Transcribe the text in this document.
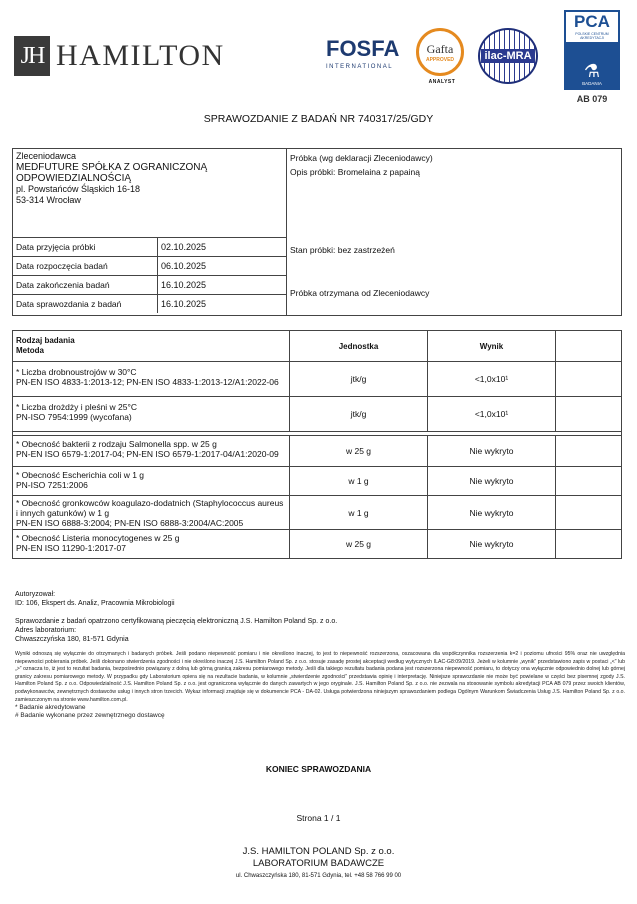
JH HAMILTON	FOSFA
INTERNATIONAL
Gafta
APPROVED
ANALYST
ilac-MRA
PCA
POLSKIE CENTRUM AKREDYTACJI
⚗
BADANIA
AB 079
SPRAWOZDANIE Z BADAŃ NR 740317/25/GDY
Zleceniodawca
MEDFUTURE SPÓŁKA Z OGRANICZONĄ
ODPOWIEDZIALNOŚCIĄ
pl. Powstańców Śląskich 16-18
53-314 Wrocław
Data przyjęcia próbki	02.10.2025
Data rozpoczęcia badań	06.10.2025
Data zakończenia badań	16.10.2025
Data sprawozdania z badań	16.10.2025
Próbka (wg deklaracji Zleceniodawcy)
Opis próbki: Bromelaina z papainą
Stan próbki: bez zastrzeżeń
Próbka otrzymana od Zleceniodawcy
Rodzaj badania
Metoda	Jednostka	Wynik
* Liczba drobnoustrojów w 30°C
PN-EN ISO 4833-1:2013-12; PN-EN ISO 4833-1:2013-12/A1:2022-06	jtk/g	<1,0x10¹
* Liczba drożdży i pleśni w 25°C
PN-ISO 7954:1999 (wycofana)	jtk/g	<1,0x10¹
* Obecność bakterii z rodzaju Salmonella spp. w 25 g
PN-EN ISO 6579-1:2017-04; PN-EN ISO 6579-1:2017-04/A1:2020-09	w 25 g	Nie wykryto
* Obecność Escherichia coli w 1 g
PN-ISO 7251:2006	w 1 g	Nie wykryto
* Obecność gronkowców koagulazo-dodatnich (Staphylococcus aureus i innych gatunków) w 1 g
PN-EN ISO 6888-3:2004; PN-EN ISO 6888-3:2004/AC:2005
w 1 g	Nie wykryto
* Obecność Listeria monocytogenes w 25 g
PN-EN ISO 11290-1:2017-07	w 25 g	Nie wykryto
Autoryzował:
ID: 106, Ekspert ds. Analiz, Pracownia Mikrobiologii
Sprawozdanie z badań opatrzono certyfikowaną pieczęcią elektroniczną J.S. Hamilton Poland Sp. z o.o.
Adres laboratorium:
Chwaszczyńska 180, 81-571 Gdynia
Wyniki odnoszą się wyłącznie do otrzymanych i badanych próbek. Jeśli podano niepewność pomiaru i nie określono inaczej, to jest to niepewność rozszerzona, oszacowana dla współczynnika rozszerzenia k=2 i poziomu ufności 95% oraz nie uwzględnia niepewności pobierania próbek. Jeśli dokonano stwierdzenia zgodności i nie określono inaczej J.S. Hamilton Poland Sp. z o.o. stosuje zasadę prostej akceptacji według wytycznych ILAC-G8:09/2019. Jeżeli w kolumnie „wynik” przedstawiono zapis w postaci „<” lub „>” oznacza to, iż jest to rezultat badania, bezpośrednio powiązany z dolną lub górną granicą zakresu pomiarowego metody. Jeśli dla takiego rezultatu badania podana jest rozszerzona niepewność pomiaru, to dotyczy ona wyłącznie odpowiednio dolnej lub górnej granicy zakresu pomiarowego metody. W przypadku gdy Laboratorium opiera się na rezultacie badania, w kolumnie „stwierdzenie zgodności” przedstawia opinię i interpretację. Niniejsze sprawozdanie nie może być powielane w części bez pisemnej zgody J.S. Hamilton Poland Sp. z o.o. Odpowiedzialność J.S. Hamilton Poland Sp. z o.o. jest ograniczona wyłącznie do danych zawartych w jego oryginale. J.S. Hamilton Poland Sp. z o.o. nie zezwala na stosowanie symbolu akredytacji PCA AB 079 przez swoich klientów, podwykonawców, zewnętrznych dostawców usług i innych stron trzecich. Wykaz informacji znajduje się w dokumencie PCA - DA-02. Usługa potwierdzona niniejszym sprawozdaniem podlega Ogólnym Warunkom Świadczenia Usług J.S. Hamilton Poland Sp. z o.o. zamieszczonym na stronie www.hamilton.com.pl.
* Badanie akredytowane
# Badanie wykonane przez zewnętrznego dostawcę
KONIEC SPRAWOZDANIA
Strona 1 / 1
J.S. HAMILTON POLAND Sp. z o.o.
LABORATORIUM BADAWCZE
ul. Chwaszczyńska 180, 81-571 Gdynia, tel. +48 58 766 99 00
